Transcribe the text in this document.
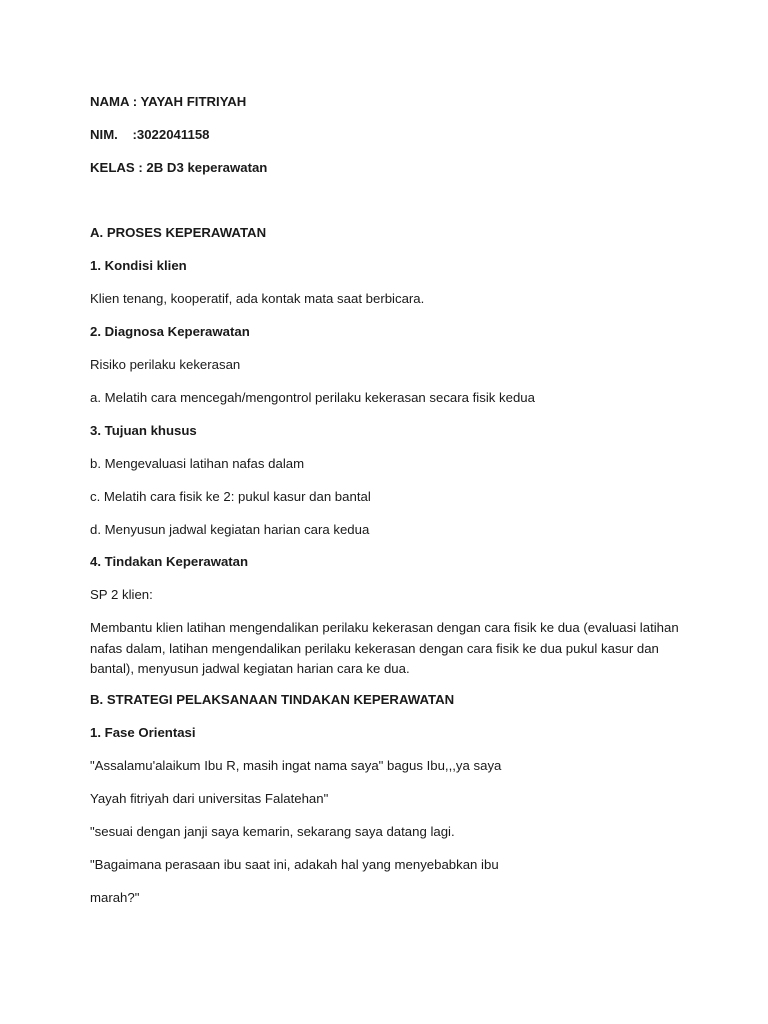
NAMA : YAYAH FITRIYAH

NIM.    :3022041158

KELAS : 2B D3 keperawatan

A. PROSES KEPERAWATAN

1. Kondisi klien

Klien tenang, kooperatif, ada kontak mata saat berbicara.

2. Diagnosa Keperawatan

Risiko perilaku kekerasan

a. Melatih cara mencegah/mengontrol perilaku kekerasan secara fisik kedua

3. Tujuan khusus

b. Mengevaluasi latihan nafas dalam

c. Melatih cara fisik ke 2: pukul kasur dan bantal

d. Menyusun jadwal kegiatan harian cara kedua

4. Tindakan Keperawatan

SP 2 klien:

Membantu klien latihan mengendalikan perilaku kekerasan dengan cara fisik ke dua (evaluasi latihan nafas dalam, latihan mengendalikan perilaku kekerasan dengan cara fisik ke dua pukul kasur dan bantal), menyusun jadwal kegiatan harian cara ke dua.

B. STRATEGI PELAKSANAAN TINDAKAN KEPERAWATAN

1. Fase Orientasi

"Assalamu'alaikum Ibu R, masih ingat nama saya" bagus Ibu,,,ya saya

Yayah fitriyah dari universitas Falatehan"

"sesuai dengan janji saya kemarin, sekarang saya datang lagi.

"Bagaimana perasaan ibu saat ini, adakah hal yang menyebabkan ibu

marah?"
